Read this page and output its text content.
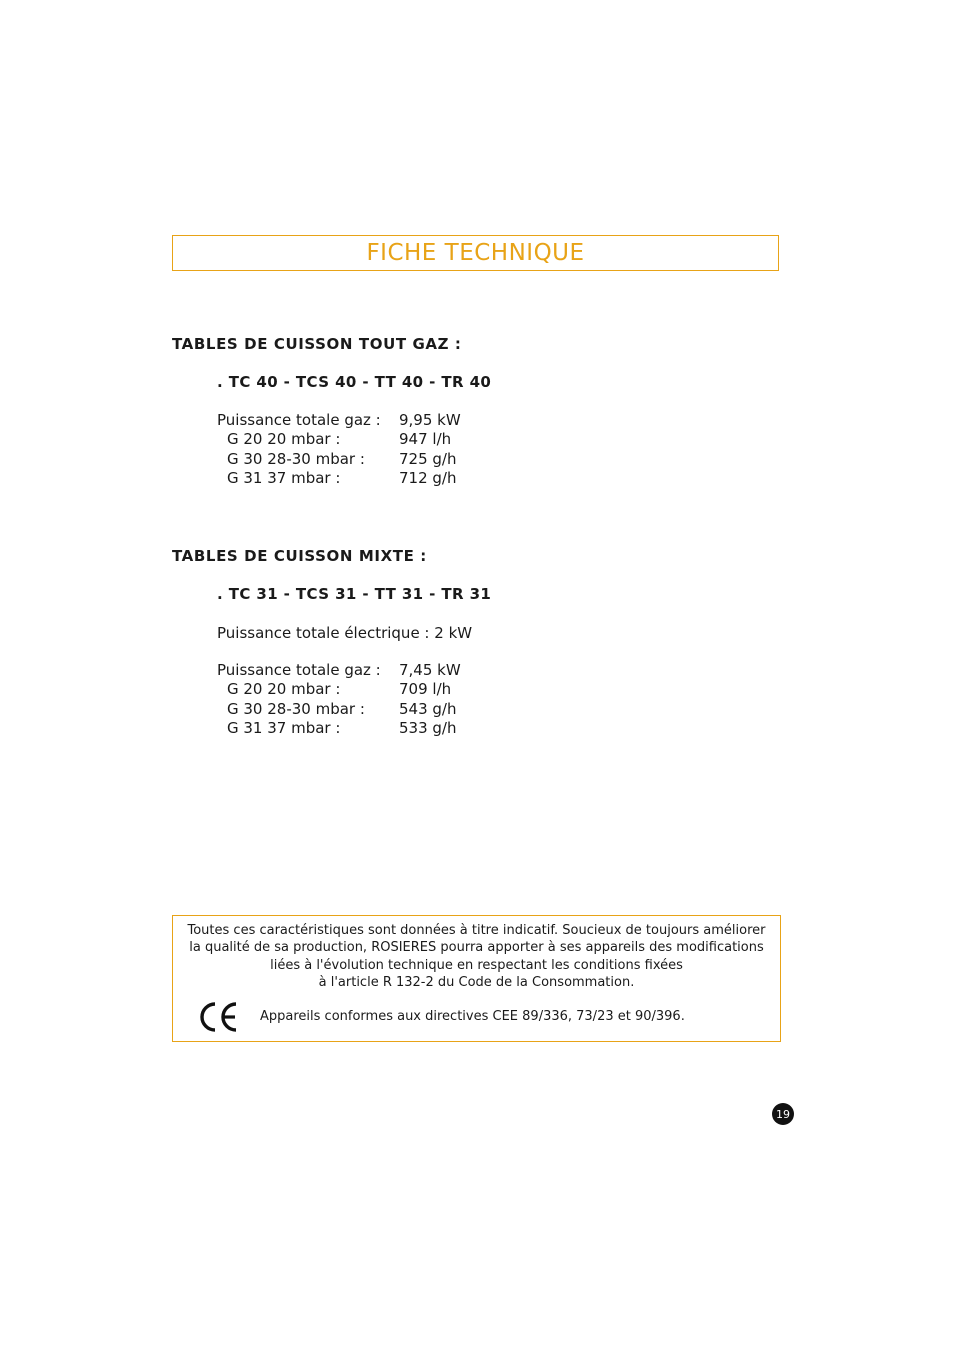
FICHE TECHNIQUE
TABLES DE CUISSON TOUT GAZ :

. TC 40 - TCS 40 - TT 40 - TR 40

Puissance totale gaz :	9,95 kW
G 20 20 mbar :	947 l/h
G 30 28-30 mbar :	725 g/h
G 31 37 mbar :	712 g/h
TABLES DE CUISSON MIXTE :

. TC 31 - TCS 31 - TT 31 - TR 31

Puissance totale électrique : 2 kW
Puissance totale gaz :	7,45 kW
G 20 20 mbar :	709 l/h
G 30 28-30 mbar :	543 g/h
G 31 37 mbar :	533 g/h

Toutes ces caractéristiques sont données à titre indicatif. Soucieux de toujours améliorer

la qualité de sa production, ROSIERES pourra apporter à ses appareils des modifications

liées à l'évolution technique en respectant les conditions fixées

à l'article R 132-2 du Code de la Consommation.

Appareils conformes aux directives CEE 89/336, 73/23 et 90/396.

19
